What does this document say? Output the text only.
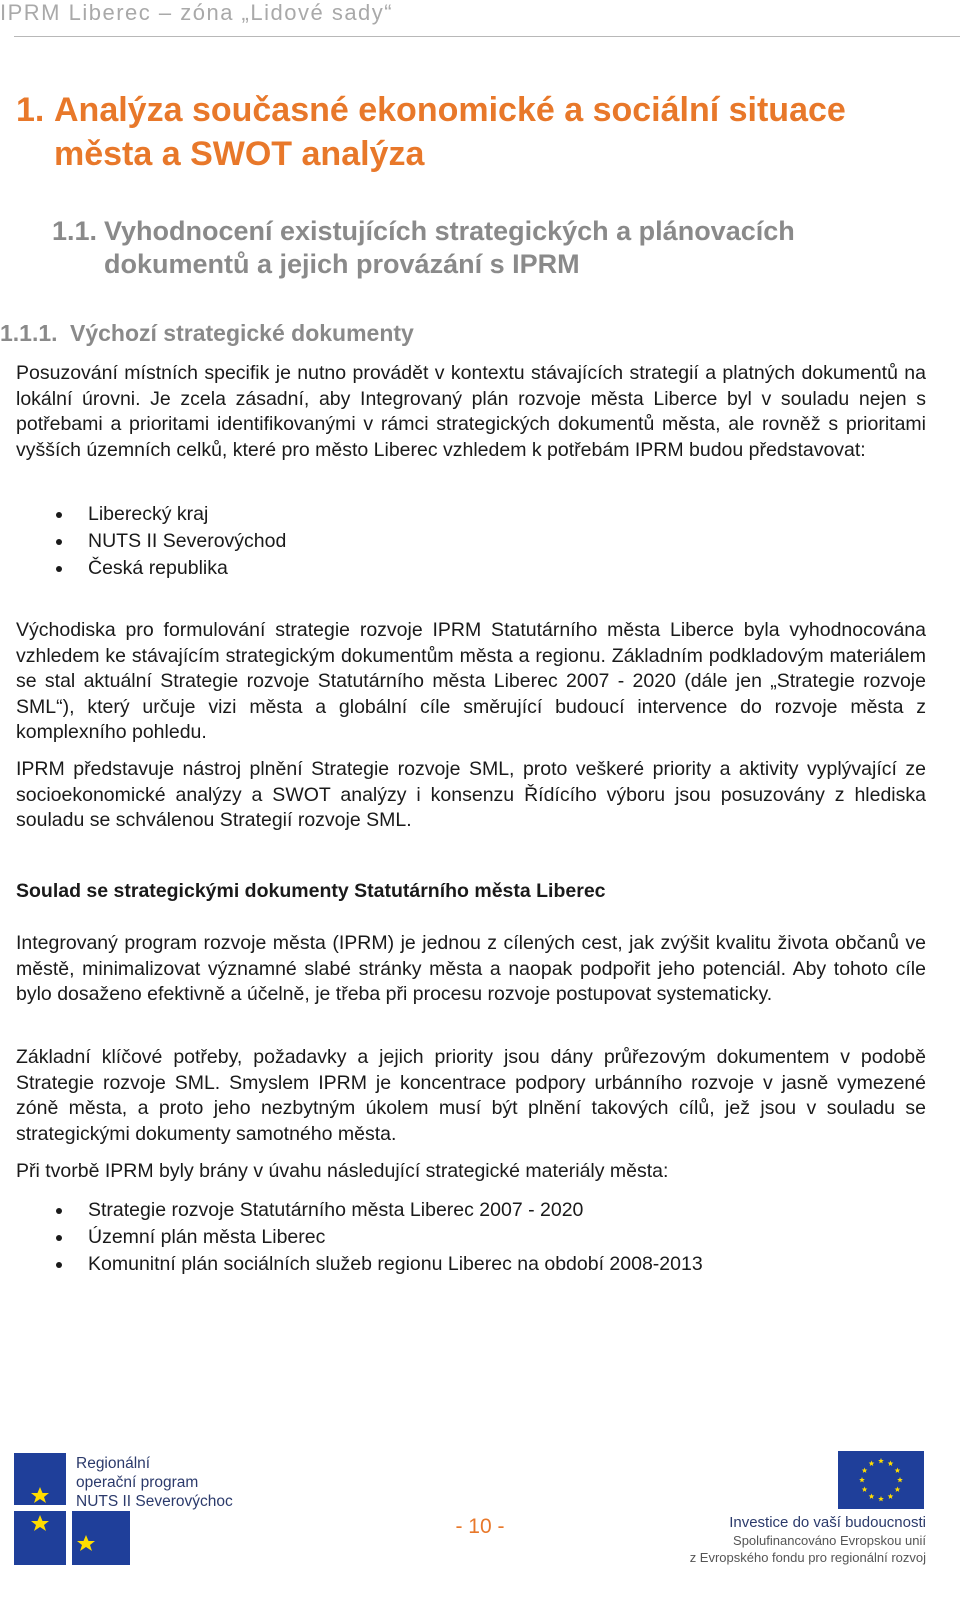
IPRM Liberec – zóna „Lidové sady“
1. Analýza současné ekonomické a sociální situace
města a SWOT analýza
1.1. Vyhodnocení existujících strategických a plánovacích
dokumentů a jejich provázání s IPRM
1.1.1. Výchozí strategické dokumenty
Posuzování místních specifik je nutno provádět v kontextu stávajících strategií a platných dokumentů na lokální úrovni. Je zcela zásadní, aby Integrovaný plán rozvoje města Liberce byl v souladu nejen s potřebami a prioritami identifikovanými v rámci strategických dokumentů města, ale rovněž s prioritami vyšších územních celků, které pro město Liberec vzhledem k potřebám IPRM budou představovat:
Liberecký kraj
NUTS II Severovýchod
Česká republika
Východiska pro formulování strategie rozvoje IPRM Statutárního města Liberce byla vyhodnocována vzhledem ke stávajícím strategickým dokumentům města a regionu. Základním podkladovým materiálem se stal aktuální Strategie rozvoje Statutárního města Liberec 2007 - 2020 (dále jen „Strategie rozvoje SML“), který určuje vizi města a globální cíle směrující budoucí intervence do rozvoje města z komplexního pohledu.
IPRM představuje nástroj plnění Strategie rozvoje SML, proto veškeré priority a aktivity vyplývající ze socioekonomické analýzy a SWOT analýzy i konsenzu Řídícího výboru jsou posuzovány z hlediska souladu se schválenou Strategií rozvoje SML.
Soulad se strategickými dokumenty Statutárního města Liberec
Integrovaný program rozvoje města (IPRM) je jednou z cílených cest, jak zvýšit kvalitu života občanů ve městě, minimalizovat významné slabé stránky města a naopak podpořit jeho potenciál. Aby tohoto cíle bylo dosaženo efektivně a účelně, je třeba při procesu rozvoje postupovat systematicky.
Základní klíčové potřeby, požadavky a jejich priority jsou dány průřezovým dokumentem v podobě Strategie rozvoje SML. Smyslem IPRM je koncentrace podpory urbánního rozvoje v jasně vymezené zóně města, a proto jeho nezbytným úkolem musí být plnění takových cílů, jež jsou v souladu se strategickými dokumenty samotného města.
Při tvorbě IPRM byly brány v úvahu následující strategické materiály města:
Strategie rozvoje Statutárního města Liberec 2007 - 2020
Územní plán města Liberec
Komunitní plán sociálních služeb regionu Liberec na období 2008-2013
Regionální
operační program
NUTS II Severovýchoc
- 10 -	Investice do vaší budoucnosti
Spolufinancováno Evropskou unií
z Evropského fondu pro regionální rozvoj
